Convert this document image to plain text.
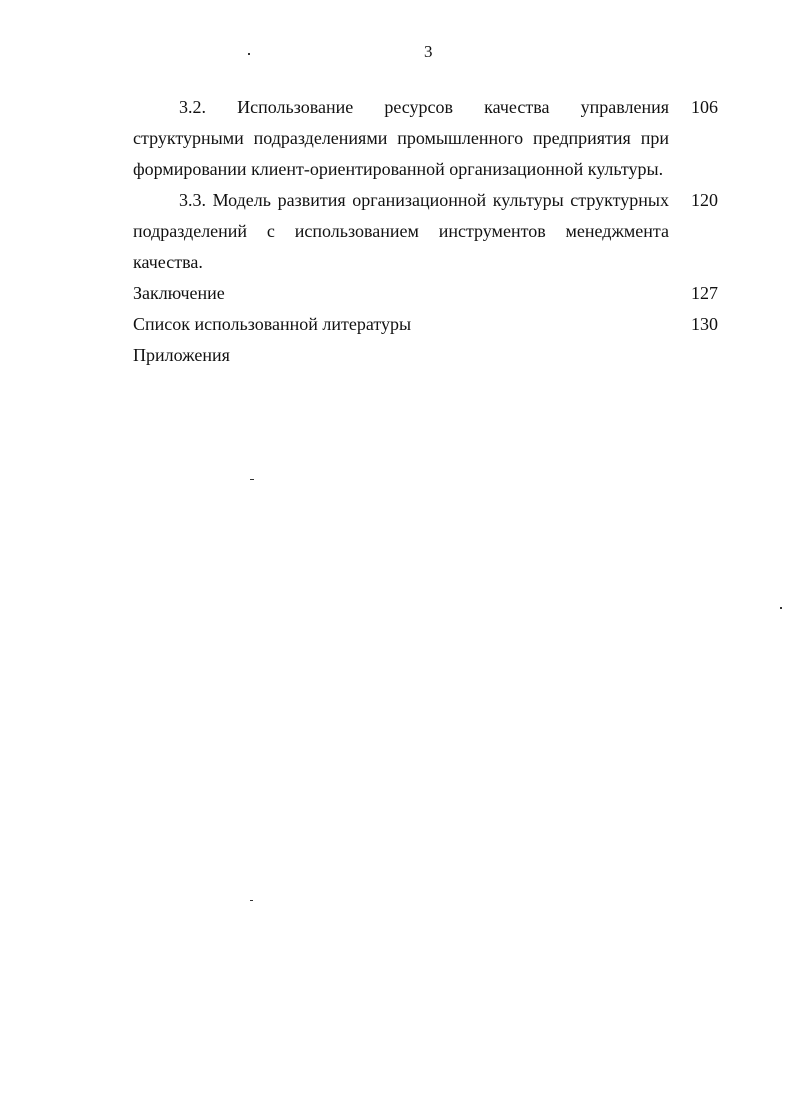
3
3.2. Использование ресурсов качества управления структурными подразделениями промышленного предприятия при формировании клиент-ориентированной организационной культуры.
106
3.3. Модель развития организационной культуры структурных подразделений с использованием инструментов менеджмента качества.
120
Заключение	127
Список использованной литературы	130
Приложения
